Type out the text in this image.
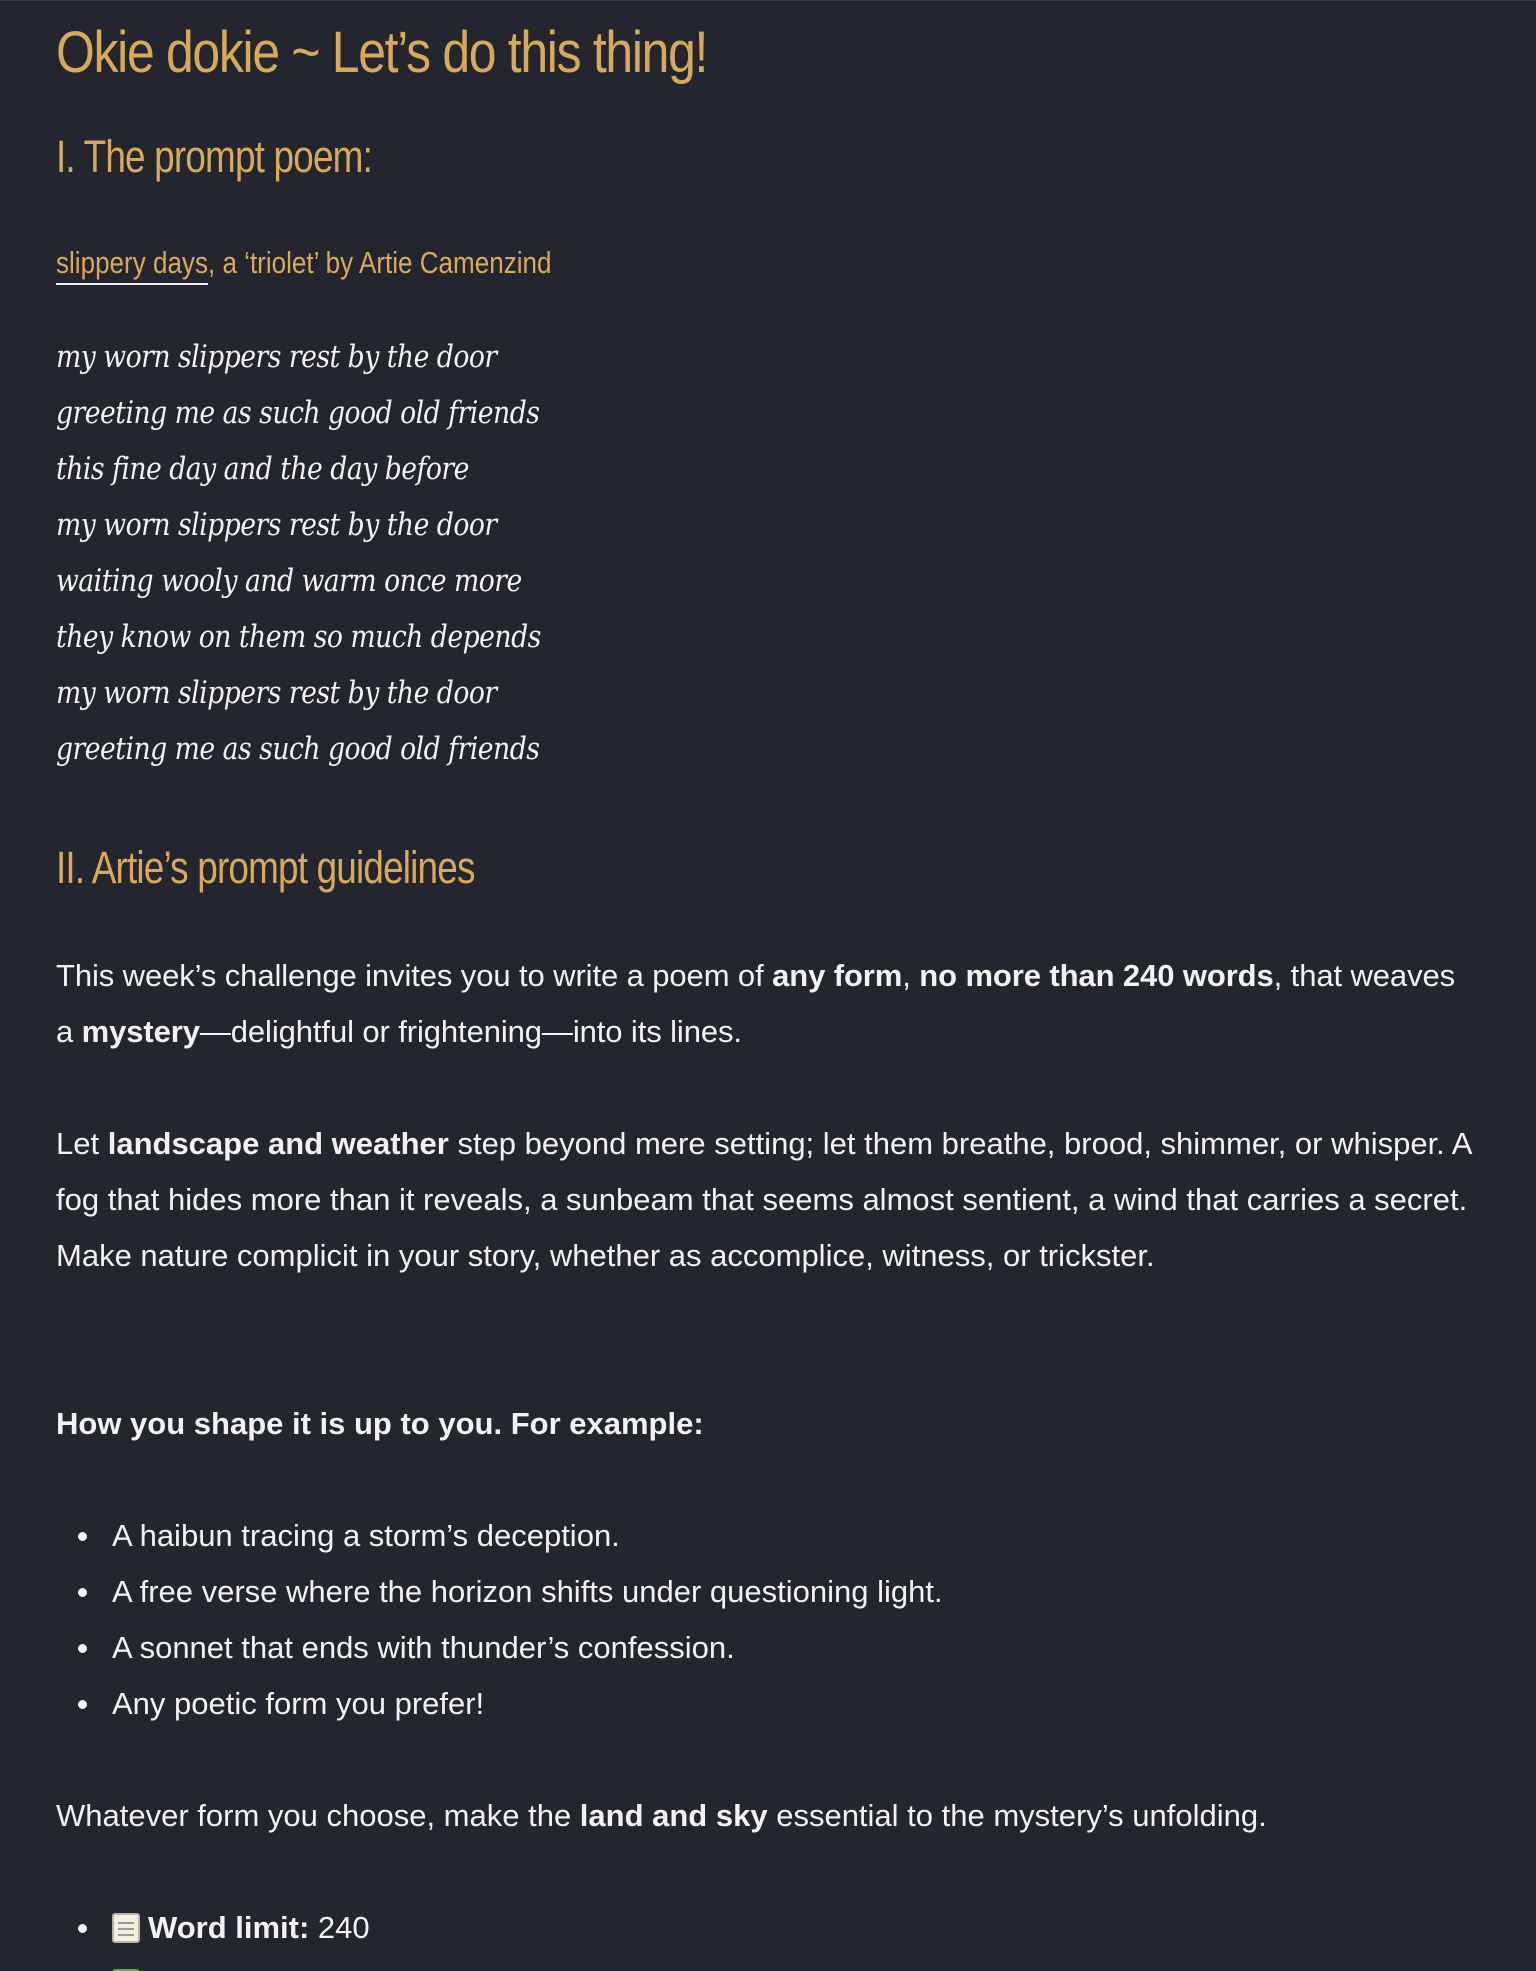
Okie dokie ~ Let’s do this thing!
I. The prompt poem:
slippery days, a ‘triolet’ by Artie Camenzind
my worn slippers rest by the door
greeting me as such good old friends
this fine day and the day before
my worn slippers rest by the door
waiting wooly and warm once more
they know on them so much depends
my worn slippers rest by the door
greeting me as such good old friends
II. Artie’s prompt guidelines

This week’s challenge invites you to write a poem of any form, no more than 240 words, that weaves a mystery—delightful or frightening—into its lines.

Let landscape and weather step beyond mere setting; let them breathe, brood, shimmer, or whisper. A fog that hides more than it reveals, a sunbeam that seems almost sentient, a wind that carries a secret. Make nature complicit in your story, whether as accomplice, witness, or trickster.

How you shape it is up to you. For example:

A haibun tracing a storm’s deception.
A free verse where the horizon shifts under questioning light.
A sonnet that ends with thunder’s confession.
Any poetic form you prefer!

Whatever form you choose, make the land and sky essential to the mystery’s unfolding.

Word limit: 240
